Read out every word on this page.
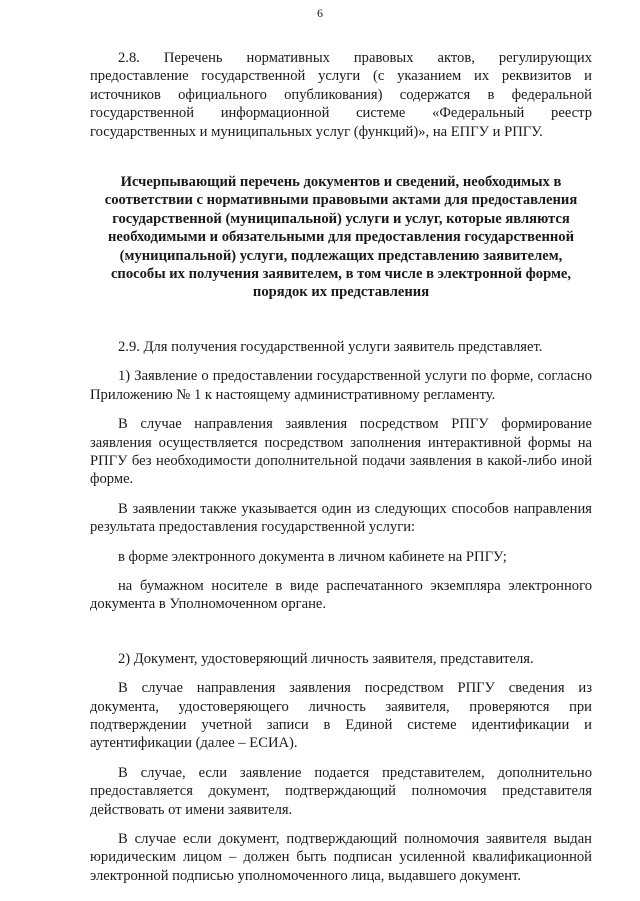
6

2.8. Перечень нормативных правовых актов, регулирующих предоставление государственной услуги (с указанием их реквизитов и источников официального опубликования) содержатся в федеральной государственной информационной системе «Федеральный реестр государственных и муниципальных услуг (функций)», на ЕПГУ и РПГУ.

Исчерпывающий перечень документов и сведений, необходимых в соответствии с нормативными правовыми актами для предоставления государственной (муниципальной) услуги и услуг, которые являются необходимыми и обязательными для предоставления государственной (муниципальной) услуги, подлежащих представлению заявителем, способы их получения заявителем, в том числе в электронной форме, порядок их представления

2.9. Для получения государственной услуги заявитель представляет.

1) Заявление о предоставлении государственной услуги по форме, согласно Приложению № 1 к настоящему административному регламенту.

В случае направления заявления посредством РПГУ формирование заявления осуществляется посредством заполнения интерактивной формы на РПГУ без необходимости дополнительной подачи заявления в какой-либо иной форме.

В заявлении также указывается один из следующих способов направления результата предоставления государственной услуги:

в форме электронного документа в личном кабинете на РПГУ;

на бумажном носителе в виде распечатанного экземпляра электронного документа в Уполномоченном органе.

2) Документ, удостоверяющий личность заявителя, представителя.

В случае направления заявления посредством РПГУ сведения из документа, удостоверяющего личность заявителя, проверяются при подтверждении учетной записи в Единой системе идентификации и аутентификации (далее – ЕСИА).

В случае, если заявление подается представителем, дополнительно предоставляется документ, подтверждающий полномочия представителя действовать от имени заявителя.

В случае если документ, подтверждающий полномочия заявителя выдан юридическим лицом – должен быть подписан усиленной квалификационной электронной подписью уполномоченного лица, выдавшего документ.
